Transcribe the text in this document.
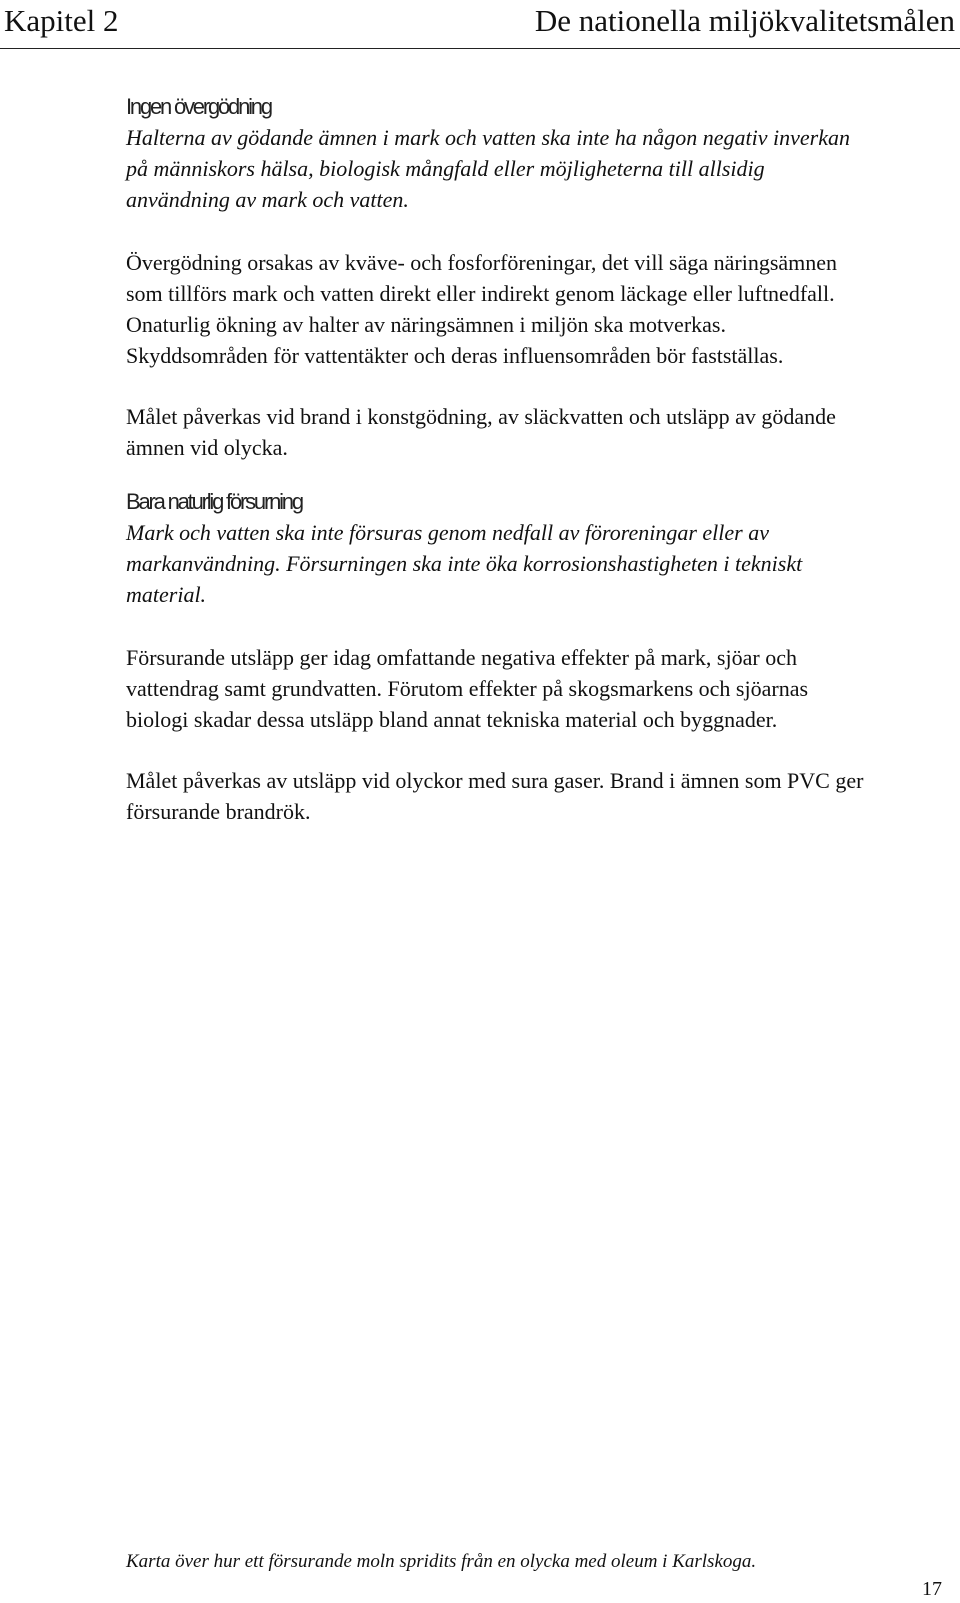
Kapitel 2	De nationella miljökvalitetsmålen

Ingen övergödning

Halterna av gödande ämnen i mark och vatten ska inte ha någon negativ inverkan på människors hälsa, biologisk mångfald eller möjligheterna till allsidig användning av mark och vatten.

Övergödning orsakas av kväve- och fosforföreningar, det vill säga näringsämnen som tillförs mark och vatten direkt eller indirekt genom läckage eller luftnedfall. Onaturlig ökning av halter av näringsämnen i miljön ska motverkas. Skyddsområden för vattentäkter och deras influensområden bör fastställas.

Målet påverkas vid brand i konstgödning, av släckvatten och utsläpp av gödande ämnen vid olycka.

Bara naturlig försurning

Mark och vatten ska inte försuras genom nedfall av föroreningar eller av markanvändning. Försurningen ska inte öka korrosionshastigheten i tekniskt material.

Försurande utsläpp ger idag omfattande negativa effekter på mark, sjöar och vattendrag samt grundvatten. Förutom effekter på skogsmarkens och sjöarnas biologi skadar dessa utsläpp bland annat tekniska material och byggnader.

Målet påverkas av utsläpp vid olyckor med sura gaser. Brand i ämnen som PVC ger försurande brandrök.

Karta över hur ett försurande moln spridits från en olycka med oleum i Karlskoga.

17
